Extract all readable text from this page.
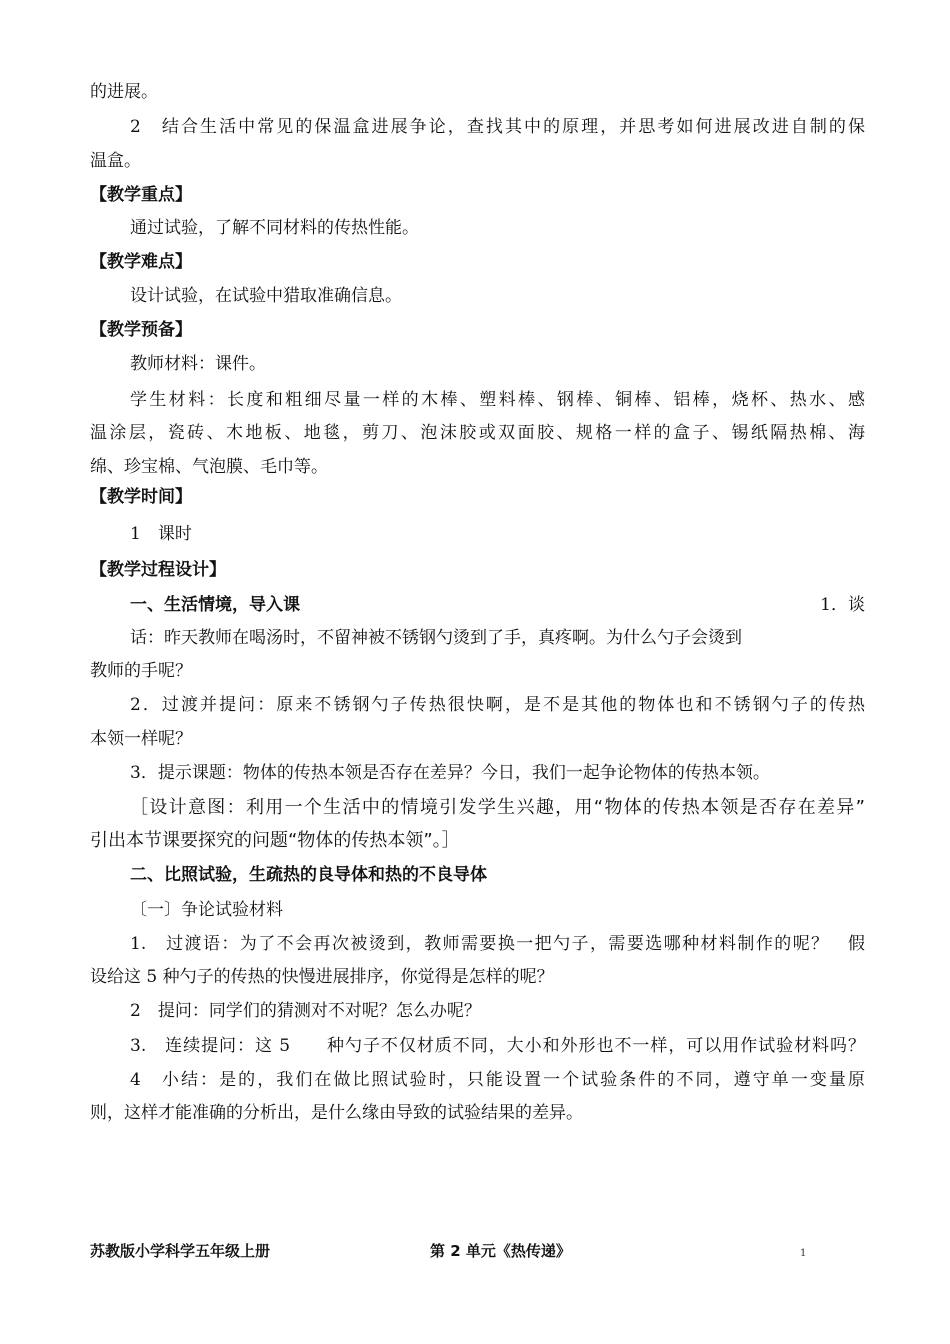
的进展。
2　结合生活中常见的保温盒进展争论，查找其中的原理，并思考如何进展改进自制的保
温盒。
【教学重点】
通过试验，了解不同材料的传热性能。
【教学难点】
设计试验，在试验中猎取准确信息。
【教学预备】
教师材料：课件。
学生材料：长度和粗细尽量一样的木棒、塑料棒、钢棒、铜棒、铝棒，烧杯、热水、感
温涂层，瓷砖、木地板、地毯，剪刀、泡沫胶或双面胶、规格一样的盒子、锡纸隔热棉、海
绵、珍宝棉、气泡膜、毛巾等。
【教学时间】
1　课时
【教学过程设计】
一、生活情境，导入课	1．谈
话：昨天教师在喝汤时，不留神被不锈钢勺烫到了手，真疼啊。为什么勺子会烫到
教师的手呢？
2．过渡并提问：原来不锈钢勺子传热很快啊，是不是其他的物体也和不锈钢勺子的传热
本领一样呢？
3．提示课题：物体的传热本领是否存在差异？今日，我们一起争论物体的传热本领。
［设计意图：利用一个生活中的情境引发学生兴趣，用“物体的传热本领是否存在差异”
引出本节课要探究的问题“物体的传热本领”。］
二、比照试验，生疏热的良导体和热的不良导体
〔一〕争论试验材料
1.　过渡语：为了不会再次被烫到，教师需要换一把勺子，需要选哪种材料制作的呢？　假
设给这 5 种勺子的传热的快慢进展排序，你觉得是怎样的呢？
2　提问：同学们的猜测对不对呢？怎么办呢？
3.　连续提问：这 5　　种勺子不仅材质不同，大小和外形也不一样，可以用作试验材料吗？
4　小结：是的，我们在做比照试验时，只能设置一个试验条件的不同，遵守单一变量原
则，这样才能准确的分析出，是什么缘由导致的试验结果的差异。
苏教版小学科学五年级上册	第 2 单元《热传递》	1
